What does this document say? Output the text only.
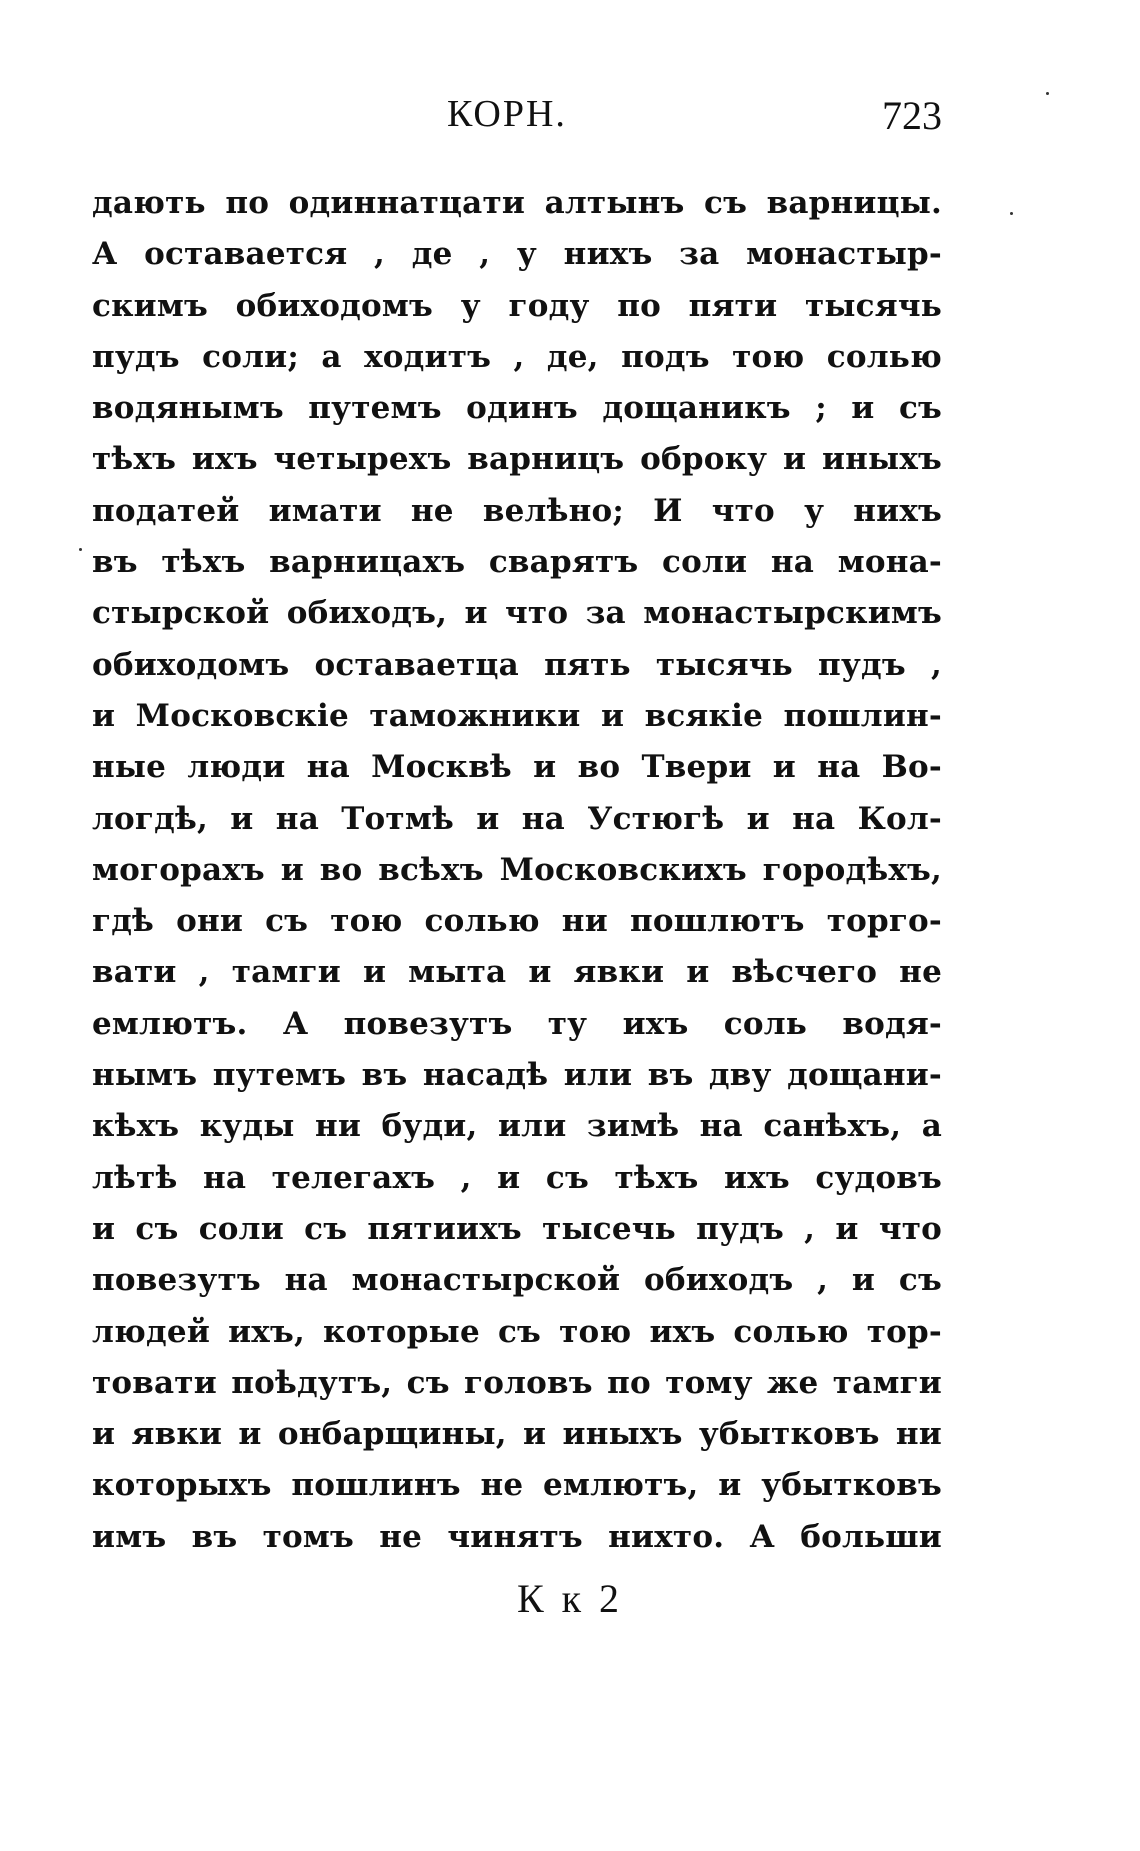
КОРН.	723
дають по одиннатцати алтынъ съ варницы.
А оставается , де , у нихъ за монастыр-
скимъ обиходомъ у году по пяти тысячь
пудъ соли; а ходитъ , де, подъ тою солью
водянымъ путемъ одинъ дощаникъ ; и съ
тѣхъ ихъ четырехъ варницъ оброку и иныхъ
податей имати не велѣно; И что у нихъ
въ тѣхъ варницахъ сварятъ соли на мона-
стырской обиходъ, и что за монастырскимъ
обиходомъ оставаетца пять тысячь пудъ ,
и Московскіе таможники и всякіе пошлин-
ные люди на Москвѣ и во Твери и на Во-
логдѣ, и на Тотмѣ и на Устюгѣ и на Кол-
могорахъ и во всѣхъ Московскихъ городѣхъ,
гдѣ они съ тою солью ни пошлютъ торго-
вати , тамги и мыта и явки и вѣсчего не
емлютъ. А повезутъ ту ихъ соль водя-
нымъ путемъ въ насадѣ или въ дву дощани-
кѣхъ куды ни буди, или зимѣ на санѣхъ, а
лѣтѣ на телегахъ , и съ тѣхъ ихъ судовъ
и съ соли съ пятиихъ тысечь пудъ , и что
повезутъ на монастырской обиходъ , и съ
людей ихъ, которые съ тою ихъ солью тор-
товати поѣдутъ, съ головъ по тому же тамги
и явки и онбарщины, и иныхъ убытковъ ни
которыхъ пошлинъ не емлютъ, и убытковъ
имъ въ томъ не чинятъ нихто. А больши
К к 2
